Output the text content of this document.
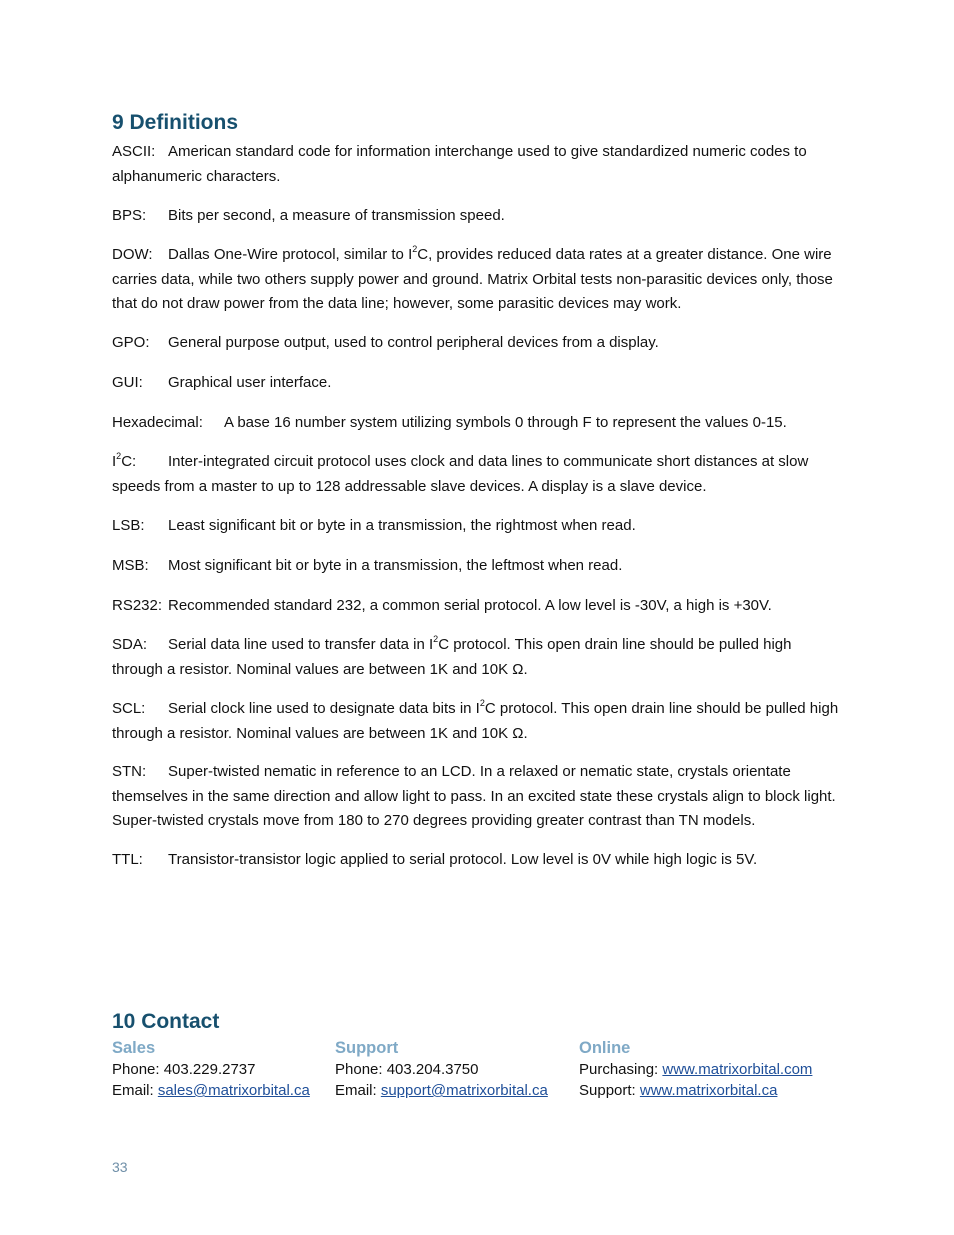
9 Definitions
ASCII: American standard code for information interchange used to give standardized numeric codes to alphanumeric characters.
BPS: Bits per second, a measure of transmission speed.
DOW: Dallas One-Wire protocol, similar to $I^2C$, provides reduced data rates at a greater distance. One wire carries data, while two others supply power and ground. Matrix Orbital tests non-parasitic devices only, those that do not draw power from the data line; however, some parasitic devices may work.
GPO: General purpose output, used to control peripheral devices from a display.
GUI: Graphical user interface.
Hexadecimal: A base 16 number system utilizing symbols 0 through F to represent the values 0-15.
$I^2C$: Inter-integrated circuit protocol uses clock and data lines to communicate short distances at slow speeds from a master to up to 128 addressable slave devices. A display is a slave device.
LSB: Least significant bit or byte in a transmission, the rightmost when read.
MSB: Most significant bit or byte in a transmission, the leftmost when read.
RS232: Recommended standard 232, a common serial protocol. A low level is -30V, a high is +30V.
SDA: Serial data line used to transfer data in $I^2C$ protocol. This open drain line should be pulled high through a resistor. Nominal values are between 1K and 10K Ω.
SCL: Serial clock line used to designate data bits in $I^2C$ protocol. This open drain line should be pulled high through a resistor. Nominal values are between 1K and 10K Ω.
STN: Super-twisted nematic in reference to an LCD. In a relaxed or nematic state, crystals orientate themselves in the same direction and allow light to pass. In an excited state these crystals align to block light. Super-twisted crystals move from 180 to 270 degrees providing greater contrast than TN models.
TTL: Transistor-transistor logic applied to serial protocol. Low level is 0V while high logic is 5V.
10 Contact
Sales
Phone: 403.229.2737
Email: sales@matrixorbital.ca
Support
Phone: 403.204.3750
Email: support@matrixorbital.ca
Online
Purchasing: www.matrixorbital.com
Support: www.matrixorbital.ca
33
